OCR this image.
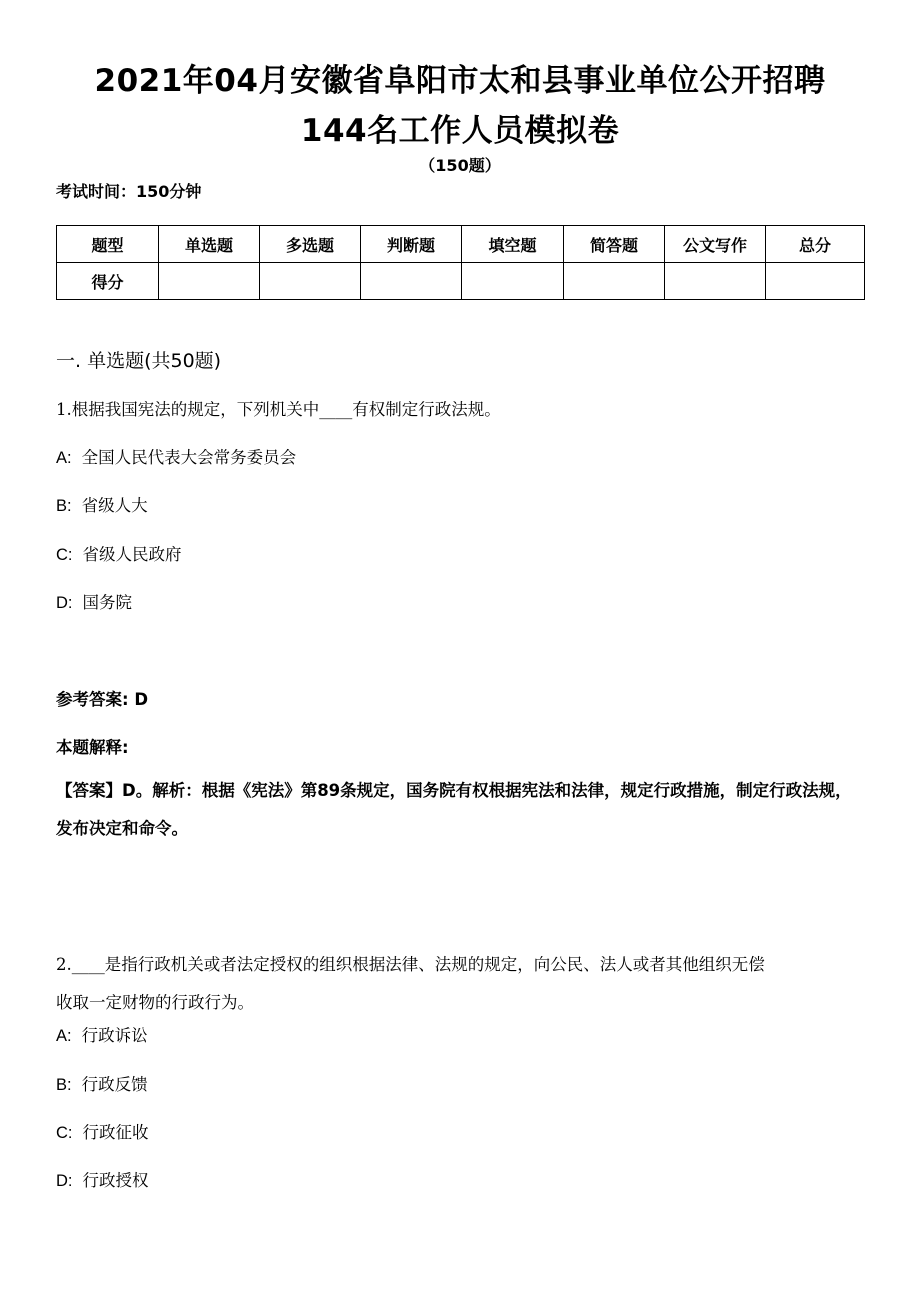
2021年04月安徽省阜阳市太和县事业单位公开招聘
144名工作人员模拟卷
（150题）
考试时间：150分钟
题型	单选题	多选题	判断题	填空题	简答题	公文写作	总分
得分							
一. 单选题(共50题)
1.根据我国宪法的规定，下列机关中____有权制定行政法规。
A: 全国人民代表大会常务委员会
B: 省级人大
C: 省级人民政府
D: 国务院
参考答案: D
本题解释:
【答案】D。解析：根据《宪法》第89条规定，国务院有权根据宪法和法律，规定行政措施，制定行政法规，发布决定和命令。
2.____是指行政机关或者法定授权的组织根据法律、法规的规定，向公民、法人或者其他组织无偿
收取一定财物的行政行为。
A: 行政诉讼
B: 行政反馈
C: 行政征收
D: 行政授权
